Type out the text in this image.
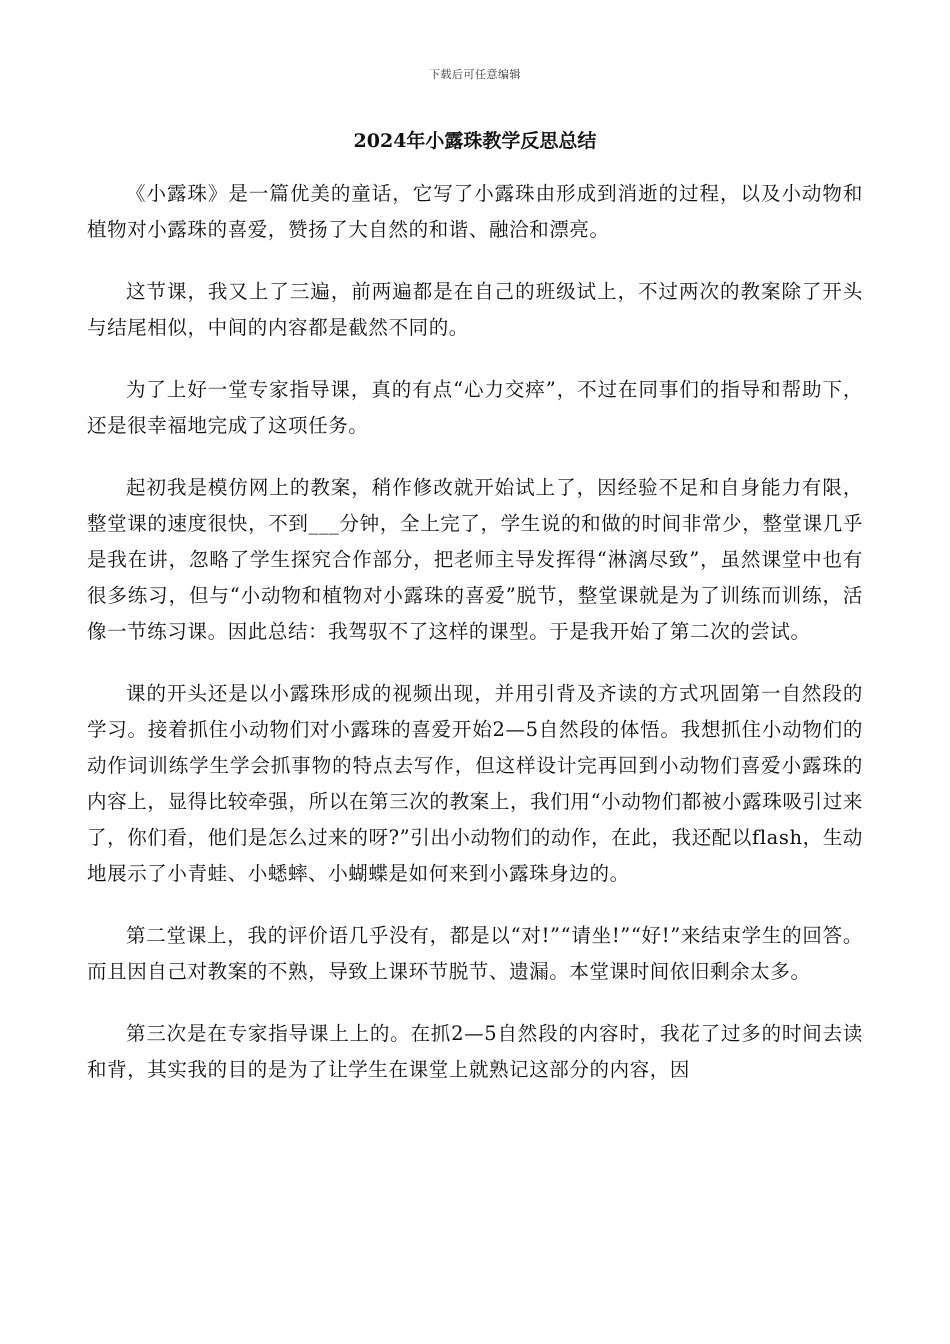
下载后可任意编辑
2024年小露珠教学反思总结

《小露珠》是一篇优美的童话，它写了小露珠由形成到消逝的过程，以及小动物和植物对小露珠的喜爱，赞扬了大自然的和谐、融洽和漂亮。

这节课，我又上了三遍，前两遍都是在自己的班级试上，不过两次的教案除了开头与结尾相似，中间的内容都是截然不同的。

为了上好一堂专家指导课，真的有点“心力交瘁”，不过在同事们的指导和帮助下，还是很幸福地完成了这项任务。

起初我是模仿网上的教案，稍作修改就开始试上了，因经验不足和自身能力有限，整堂课的速度很快，不到___分钟，全上完了，学生说的和做的时间非常少，整堂课几乎是我在讲，忽略了学生探究合作部分，把老师主导发挥得“淋漓尽致”，虽然课堂中也有很多练习，但与“小动物和植物对小露珠的喜爱”脱节，整堂课就是为了训练而训练，活像一节练习课。因此总结：我驾驭不了这样的课型。于是我开始了第二次的尝试。

课的开头还是以小露珠形成的视频出现，并用引背及齐读的方式巩固第一自然段的学习。接着抓住小动物们对小露珠的喜爱开始2—5自然段的体悟。我想抓住小动物们的动作词训练学生学会抓事物的特点去写作，但这样设计完再回到小动物们喜爱小露珠的内容上，显得比较牵强，所以在第三次的教案上，我们用“小动物们都被小露珠吸引过来了，你们看，他们是怎么过来的呀?”引出小动物们的动作，在此，我还配以flash，生动地展示了小青蛙、小蟋蟀、小蝴蝶是如何来到小露珠身边的。

第二堂课上，我的评价语几乎没有，都是以“对!”“请坐!”“好!”来结束学生的回答。而且因自己对教案的不熟，导致上课环节脱节、遗漏。本堂课时间依旧剩余太多。

第三次是在专家指导课上上的。在抓2—5自然段的内容时，我花了过多的时间去读和背，其实我的目的是为了让学生在课堂上就熟记这部分的内容，因
